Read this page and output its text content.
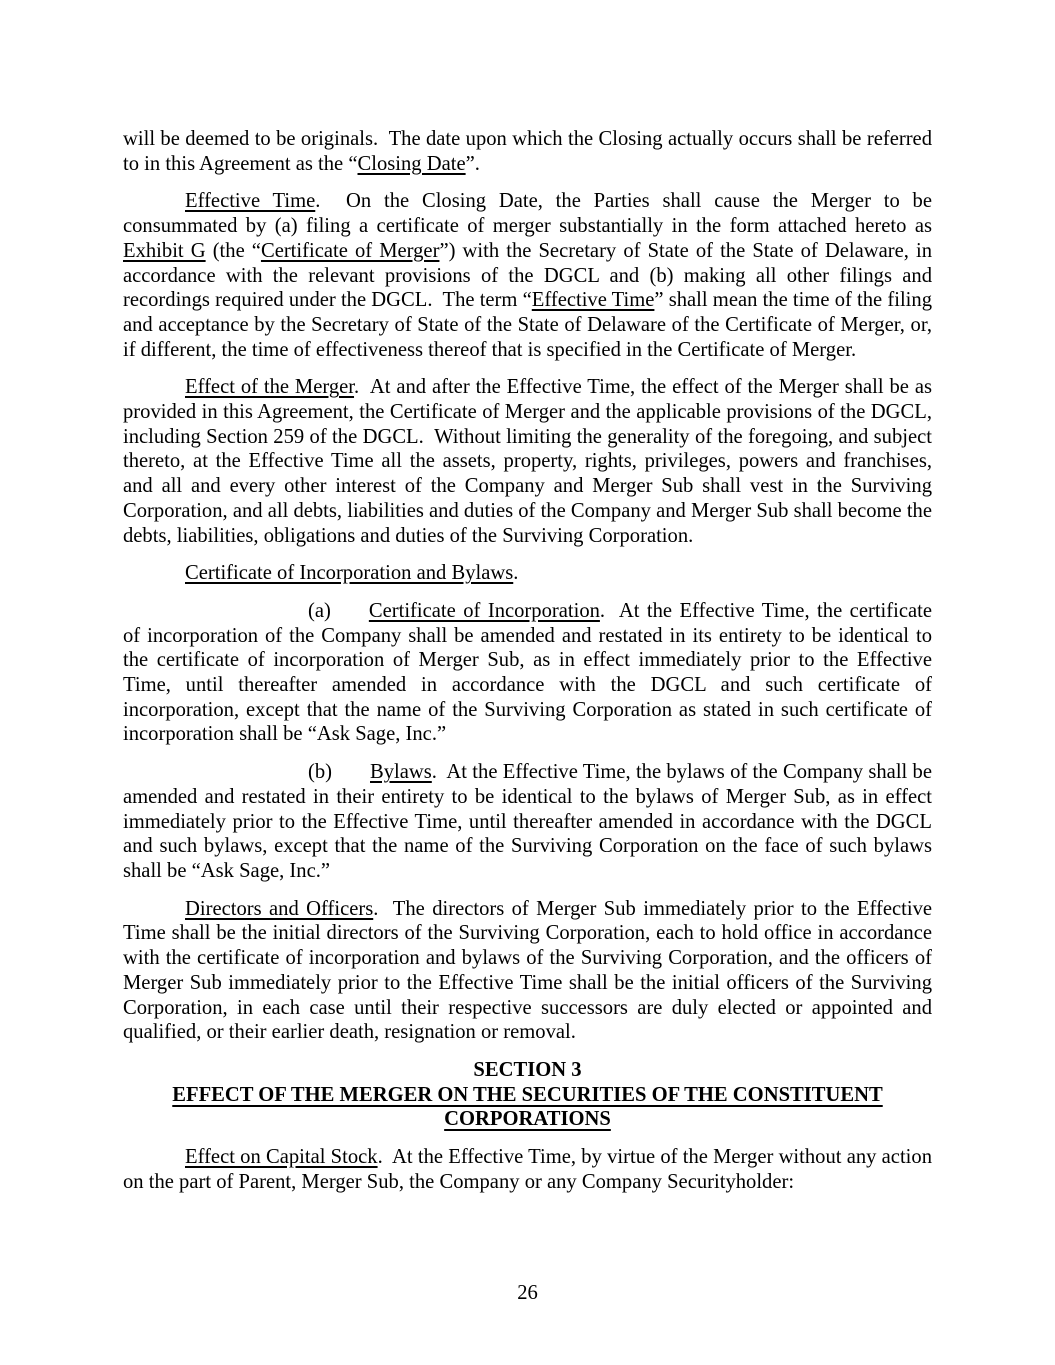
will be deemed to be originals.  The date upon which the Closing actually occurs shall be referred to in this Agreement as the “Closing Date”.

Effective Time.  On the Closing Date, the Parties shall cause the Merger to be consummated by (a) filing a certificate of merger substantially in the form attached hereto as Exhibit G (the “Certificate of Merger”) with the Secretary of State of the State of Delaware, in accordance with the relevant provisions of the DGCL and (b) making all other filings and recordings required under the DGCL.  The term “Effective Time” shall mean the time of the filing and acceptance by the Secretary of State of the State of Delaware of the Certificate of Merger, or, if different, the time of effectiveness thereof that is specified in the Certificate of Merger.

Effect of the Merger.  At and after the Effective Time, the effect of the Merger shall be as provided in this Agreement, the Certificate of Merger and the applicable provisions of the DGCL, including Section 259 of the DGCL.  Without limiting the generality of the foregoing, and subject thereto, at the Effective Time all the assets, property, rights, privileges, powers and franchises, and all and every other interest of the Company and Merger Sub shall vest in the Surviving Corporation, and all debts, liabilities and duties of the Company and Merger Sub shall become the debts, liabilities, obligations and duties of the Surviving Corporation.

Certificate of Incorporation and Bylaws.

(a) Certificate of Incorporation.  At the Effective Time, the certificate of incorporation of the Company shall be amended and restated in its entirety to be identical to the certificate of incorporation of Merger Sub, as in effect immediately prior to the Effective Time, until thereafter amended in accordance with the DGCL and such certificate of incorporation, except that the name of the Surviving Corporation as stated in such certificate of incorporation shall be “Ask Sage, Inc.”

(b) Bylaws.  At the Effective Time, the bylaws of the Company shall be amended and restated in their entirety to be identical to the bylaws of Merger Sub, as in effect immediately prior to the Effective Time, until thereafter amended in accordance with the DGCL and such bylaws, except that the name of the Surviving Corporation on the face of such bylaws shall be “Ask Sage, Inc.”

Directors and Officers.  The directors of Merger Sub immediately prior to the Effective Time shall be the initial directors of the Surviving Corporation, each to hold office in accordance with the certificate of incorporation and bylaws of the Surviving Corporation, and the officers of Merger Sub immediately prior to the Effective Time shall be the initial officers of the Surviving Corporation, in each case until their respective successors are duly elected or appointed and qualified, or their earlier death, resignation or removal.

SECTION 3

EFFECT OF THE MERGER ON THE SECURITIES OF THE CONSTITUENT

CORPORATIONS

Effect on Capital Stock.  At the Effective Time, by virtue of the Merger without any action on the part of Parent, Merger Sub, the Company or any Company Securityholder:

26
